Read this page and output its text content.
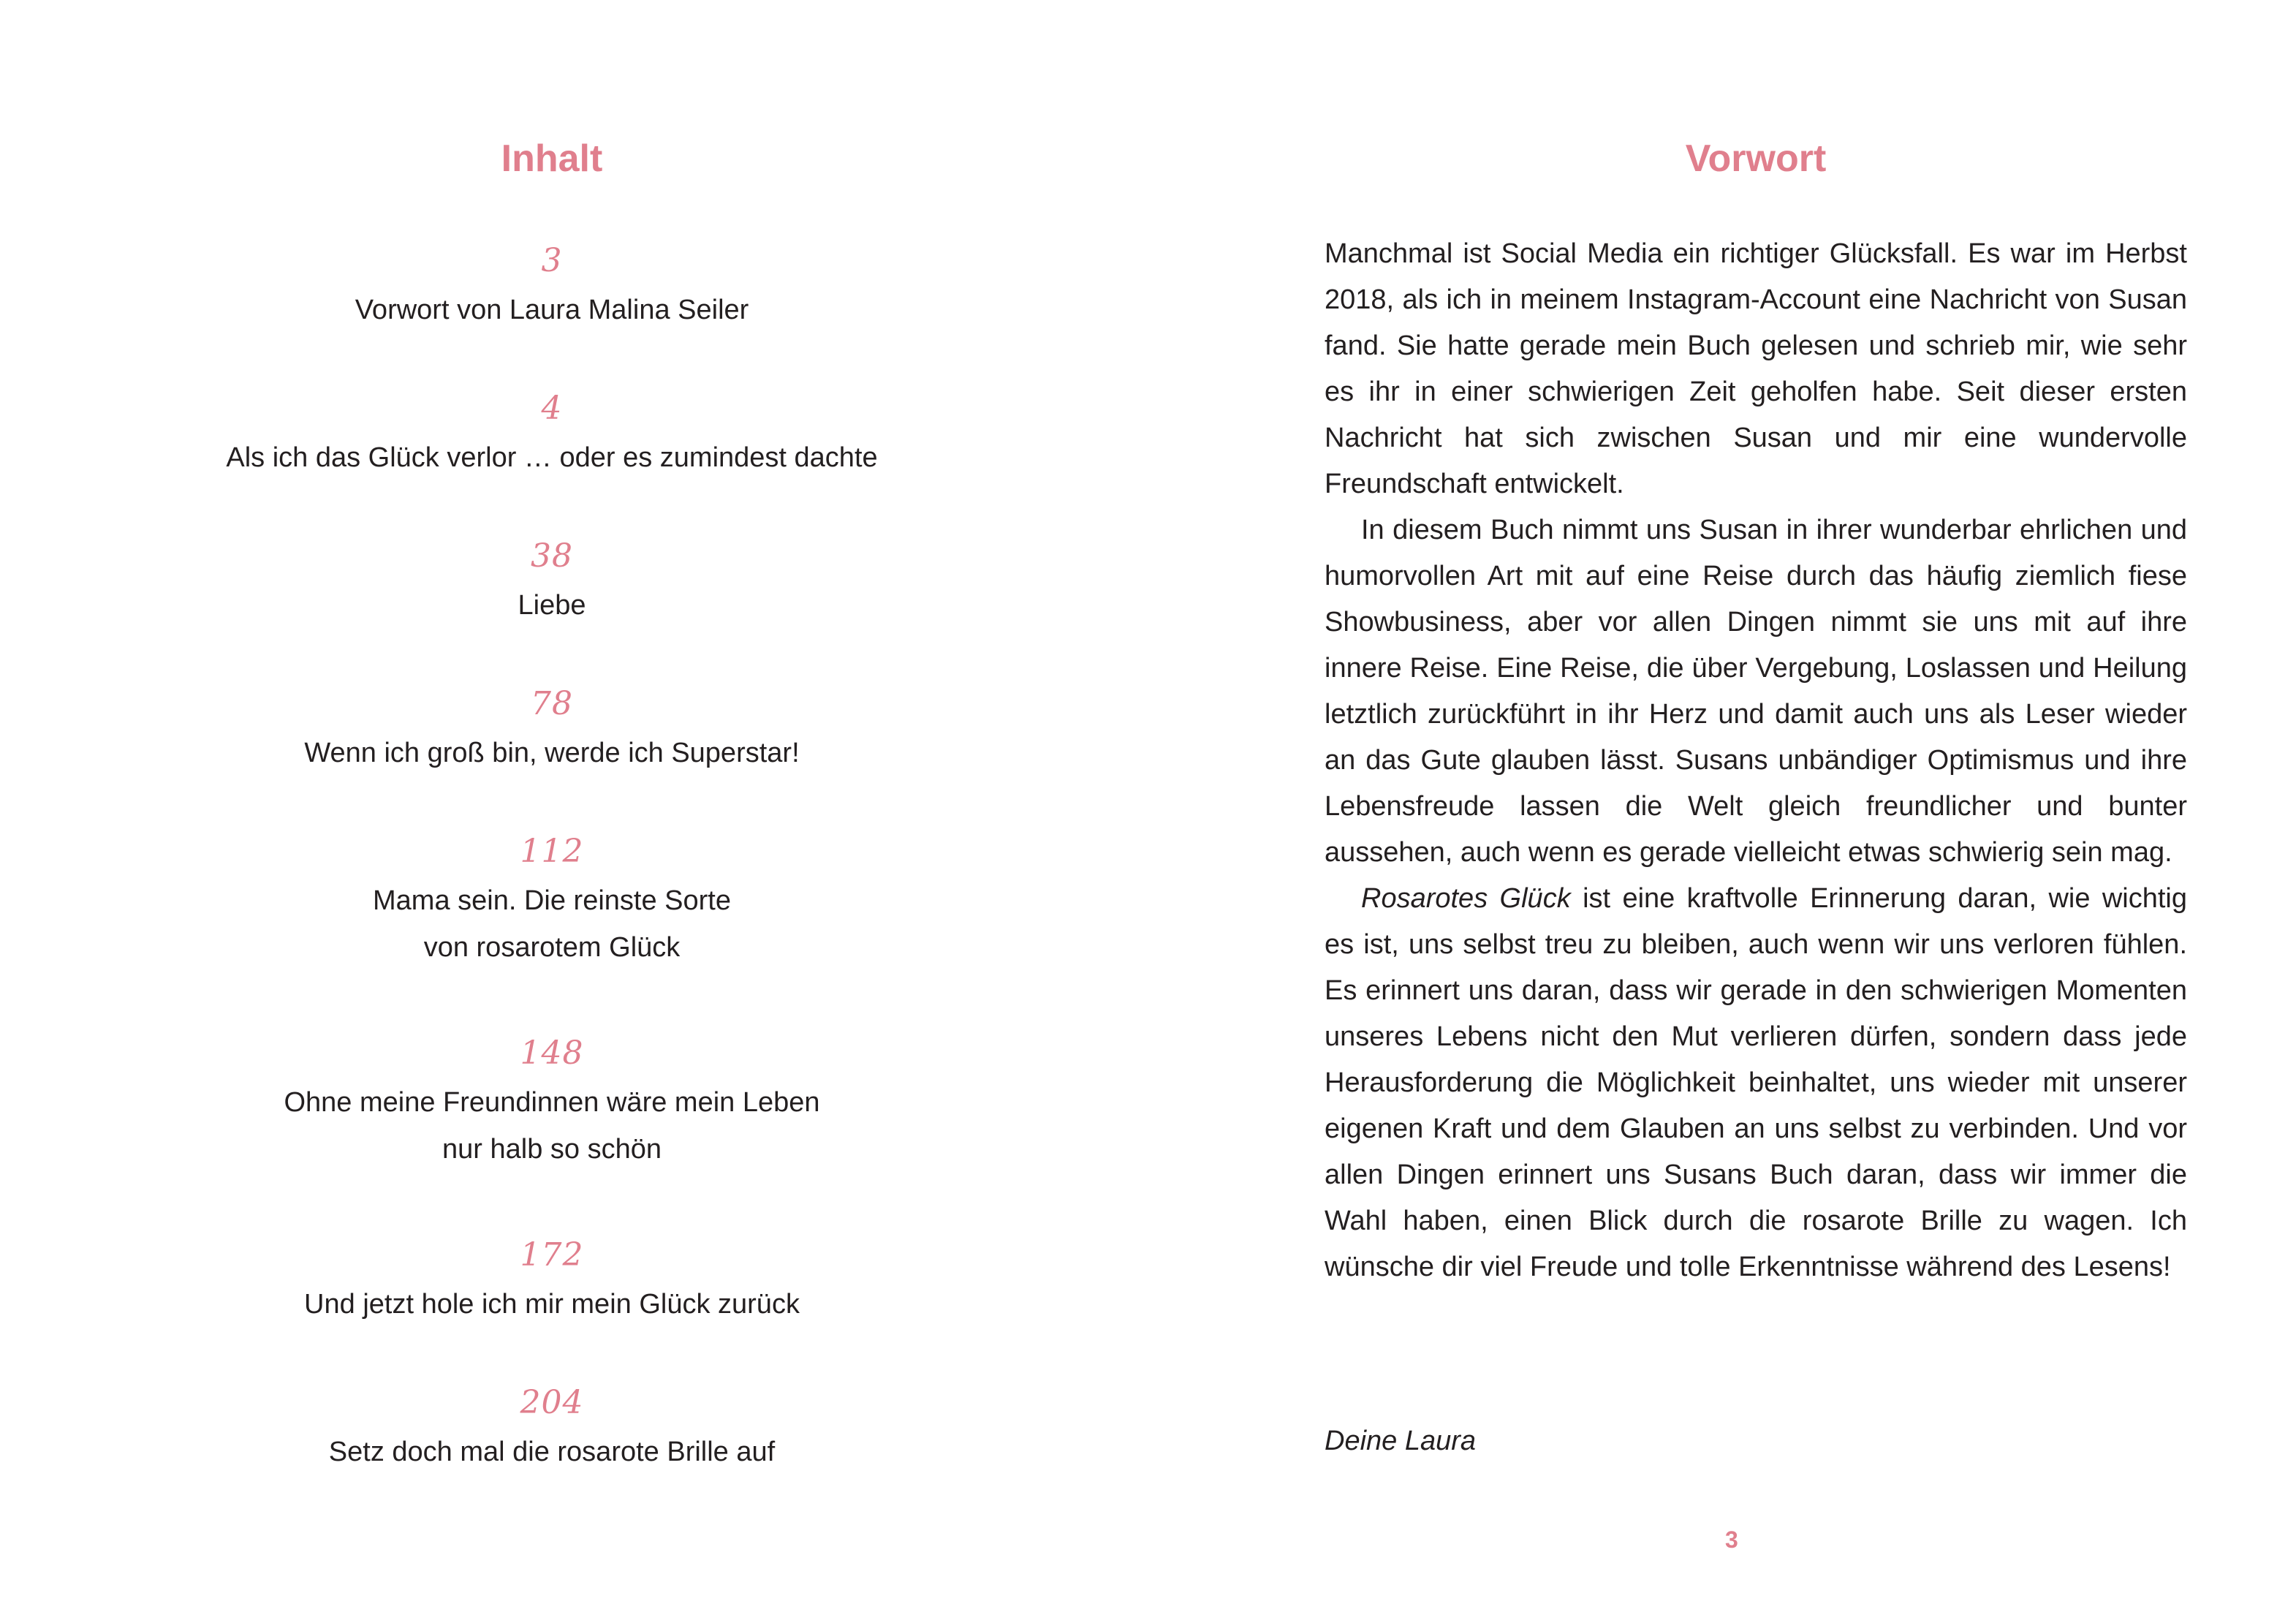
Inhalt
3
Vorwort von Laura Malina Seiler
4
Als ich das Glück verlor … oder es zumindest dachte
38
Liebe
78
Wenn ich groß bin, werde ich Superstar!
112
Mama sein. Die reinste Sorte
von rosarotem Glück
148
Ohne meine Freundinnen wäre mein Leben
nur halb so schön
172
Und jetzt hole ich mir mein Glück zurück
204
Setz doch mal die rosarote Brille auf
Vorwort

Manchmal ist Social Media ein richtiger Glücksfall. Es war im Herbst 2018, als ich in meinem Instagram-Account eine Nachricht von Susan fand. Sie hatte gerade mein Buch gelesen und schrieb mir, wie sehr es ihr in einer schwierigen Zeit geholfen habe. Seit dieser ersten Nachricht hat sich zwischen Susan und mir eine wundervolle Freundschaft entwickelt.

In diesem Buch nimmt uns Susan in ihrer wunderbar ehrlichen und humorvollen Art mit auf eine Reise durch das häufig ziemlich fiese Showbusiness, aber vor allen Dingen nimmt sie uns mit auf ihre innere Reise. Eine Reise, die über Vergebung, Loslassen und Heilung letztlich zurückführt in ihr Herz und damit auch uns als Leser wieder an das Gute glauben lässt. Susans unbändiger Optimismus und ihre Lebensfreude lassen die Welt gleich freundlicher und bunter aussehen, auch wenn es gerade vielleicht etwas schwierig sein mag.

Rosarotes Glück ist eine kraftvolle Erinnerung daran, wie wichtig es ist, uns selbst treu zu bleiben, auch wenn wir uns verloren fühlen. Es erinnert uns daran, dass wir gerade in den schwierigen Momenten unseres Lebens nicht den Mut verlieren dürfen, sondern dass jede Herausforderung die Möglichkeit beinhaltet, uns wieder mit unserer eigenen Kraft und dem Glauben an uns selbst zu verbinden. Und vor allen Dingen erinnert uns Susans Buch daran, dass wir immer die Wahl haben, einen Blick durch die rosarote Brille zu wagen. Ich wünsche dir viel Freude und tolle Erkenntnisse während des Lesens!

Deine Laura
3
